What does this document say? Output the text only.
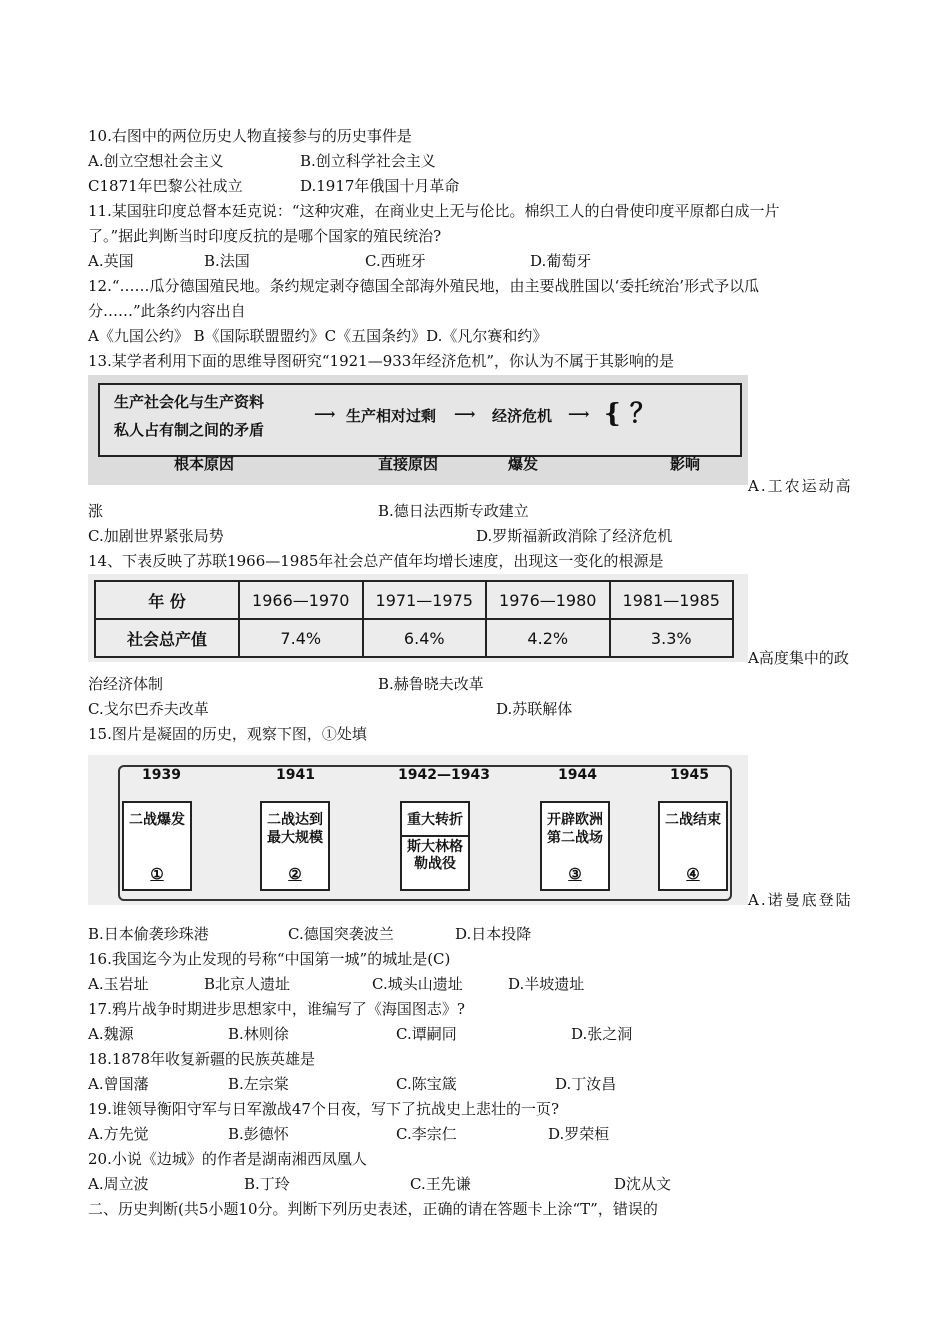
10.右图中的两位历史人物直接参与的历史事件是
A.创立空想社会主义	B.创立科学社会主义
C1871年巴黎公社成立	D.1917年俄国十月革命
11.某国驻印度总督本廷克说：“这种灾难，在商业史上无与伦比。棉织工人的白骨使印度平原都白成一片
了。”据此判断当时印度反抗的是哪个国家的殖民统治?
A.英国	B.法国	C.西班牙	D.葡萄牙
12.“……瓜分德国殖民地。条约规定剥夺德国全部海外殖民地，由主要战胜国以‘委托统治’形式予以瓜
分……”此条约内容出自
A《九国公约》 B《国际联盟盟约》C《五国条约》D.《凡尔赛和约》
13.某学者利用下面的思维导图研究“1921—933年经济危机”，你认为不属于其影响的是
生产社会化与生产资料
私人占有制之间的矛盾
⟶ 生产相对过剩 ⟶ 经济危机 ⟶ { ？
根本原因	直接原因	爆发	影响
A.工农运动高
涨	B.德日法西斯专政建立
C.加剧世界紧张局势	D.罗斯福新政消除了经济危机
14、下表反映了苏联1966—1985年社会总产值年均增长速度，出现这一变化的根源是
年 份	1966—1970	1971—1975	1976—1980	1981—1985
社会总产值	7.4%	6.4%	4.2%	3.3%
A高度集中的政
治经济体制	B.赫鲁晓夫改革
C.戈尔巴乔夫改革	D.苏联解体
15.图片是凝固的历史，观察下图，①处填
1939	1941	1942—1943	1944	1945
二战爆发
①
二战达到最大规模
②
重大转折
斯大林格勒战役
开辟欧洲第二战场
③
二战结束
④
A.诺曼底登陆
B.日本偷袭珍珠港	C.德国突袭波兰	D.日本投降
16.我国迄今为止发现的号称“中国第一城”的城址是(C)
A.玉岩址	B北京人遗址	C.城头山遗址	D.半坡遗址
17.鸦片战争时期进步思想家中，谁编写了《海国图志》?
A.魏源	B.林则徐	C.谭嗣同	D.张之洞
18.1878年收复新疆的民族英雄是
A.曾国藩	B.左宗棠	C.陈宝箴	D.丁汝昌
19.谁领导衡阳守军与日军激战47个日夜，写下了抗战史上悲壮的一页?
A.方先觉	B.彭德怀	C.李宗仁	D.罗荣桓
20.小说《边城》的作者是湖南湘西凤凰人
A.周立波	B.丁玲	C.王先谦	D沈从文
二、历史判断(共5小题10分。判断下列历史表述，正确的请在答题卡上涂“T”，错误的
